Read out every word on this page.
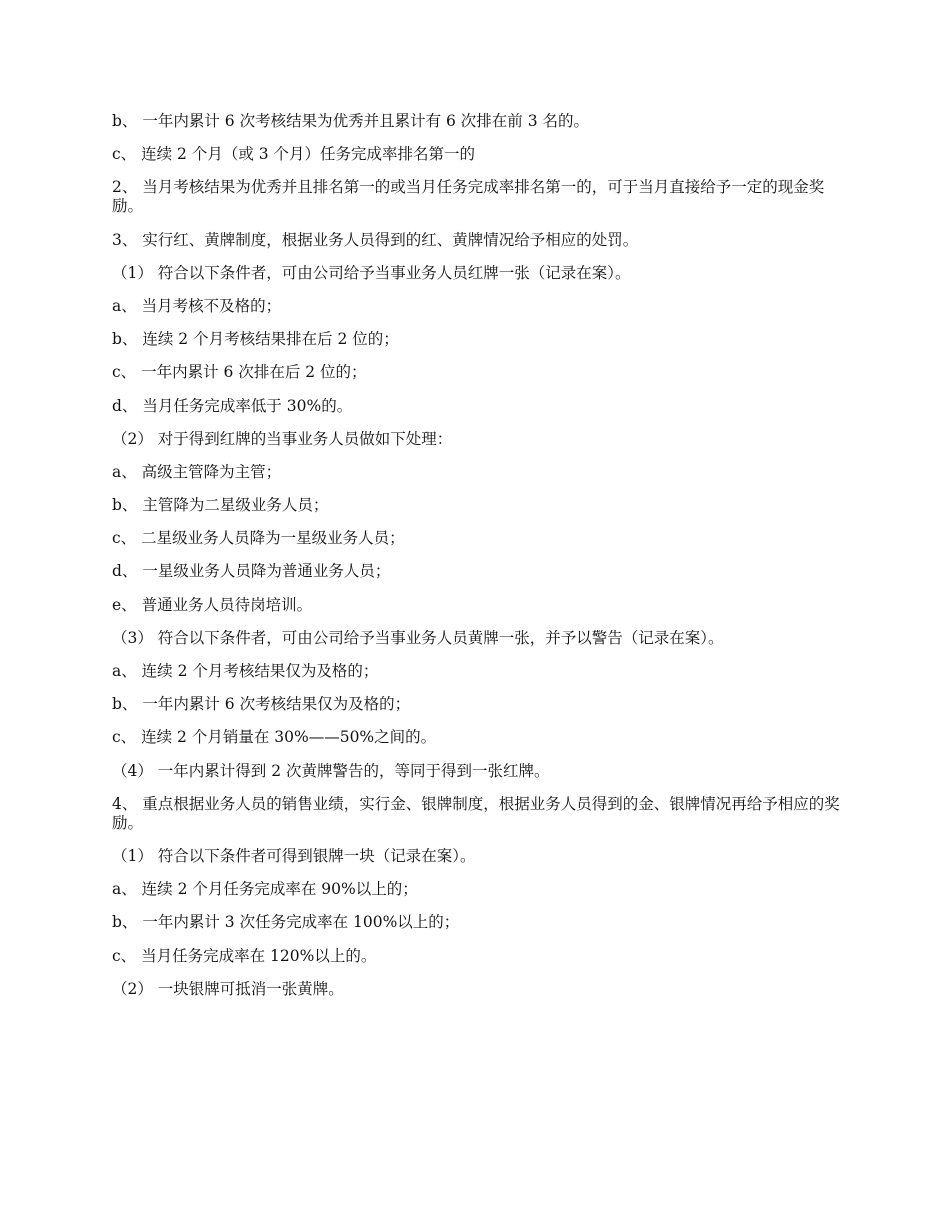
b、 一年内累计 6 次考核结果为优秀并且累计有 6 次排在前 3 名的。

c、 连续 2 个月（或 3 个月）任务完成率排名第一的

2、 当月考核结果为优秀并且排名第一的或当月任务完成率排名第一的，可于当月直接给予一定的现金奖励。

3、 实行红、黄牌制度，根据业务人员得到的红、黄牌情况给予相应的处罚。

（1） 符合以下条件者，可由公司给予当事业务人员红牌一张（记录在案）。

a、 当月考核不及格的；

b、 连续 2 个月考核结果排在后 2 位的；

c、 一年内累计 6 次排在后 2 位的；

d、 当月任务完成率低于 30%的。

（2） 对于得到红牌的当事业务人员做如下处理：

a、 高级主管降为主管；

b、 主管降为二星级业务人员；

c、 二星级业务人员降为一星级业务人员；

d、 一星级业务人员降为普通业务人员；

e、 普通业务人员待岗培训。

（3） 符合以下条件者，可由公司给予当事业务人员黄牌一张，并予以警告（记录在案）。

a、 连续 2 个月考核结果仅为及格的；

b、 一年内累计 6 次考核结果仅为及格的；

c、 连续 2 个月销量在 30%——50%之间的。

（4） 一年内累计得到 2 次黄牌警告的，等同于得到一张红牌。

4、 重点根据业务人员的销售业绩，实行金、银牌制度，根据业务人员得到的金、银牌情况再给予相应的奖励。

（1） 符合以下条件者可得到银牌一块（记录在案）。

a、 连续 2 个月任务完成率在 90%以上的；

b、 一年内累计 3 次任务完成率在 100%以上的；

c、 当月任务完成率在 120%以上的。

（2） 一块银牌可抵消一张黄牌。
